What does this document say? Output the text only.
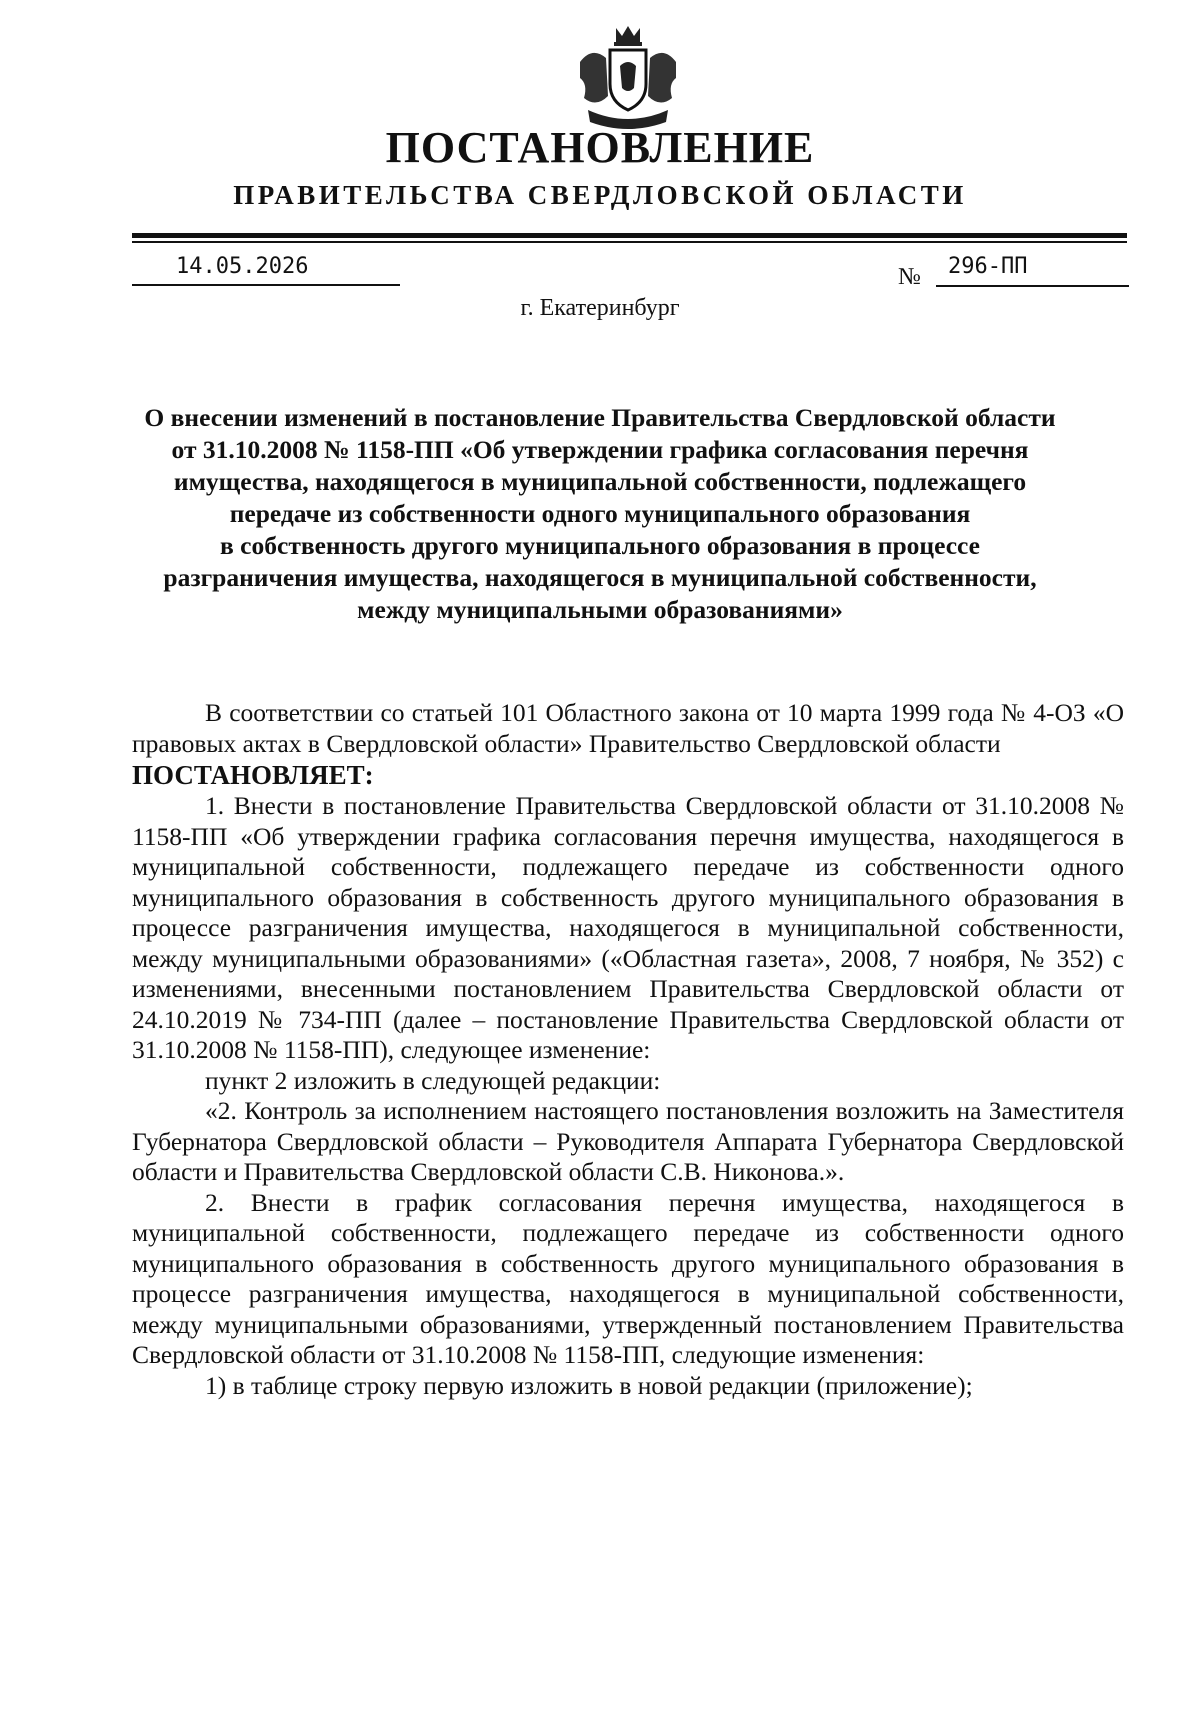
ПОСТАНОВЛЕНИЕ
ПРАВИТЕЛЬСТВА СВЕРДЛОВСКОЙ ОБЛАСТИ
14.05.2026	№ 296-ПП
г. Екатеринбург
О внесении изменений в постановление Правительства Свердловской области
от 31.10.2008 № 1158-ПП «Об утверждении графика согласования перечня
имущества, находящегося в муниципальной собственности, подлежащего
передаче из собственности одного муниципального образования
в собственность другого муниципального образования в процессе
разграничения имущества, находящегося в муниципальной собственности,
между муниципальными образованиями»

В соответствии со статьей 101 Областного закона от 10 марта 1999 года № 4-ОЗ «О правовых актах в Свердловской области» Правительство Свердловской области

ПОСТАНОВЛЯЕТ:

1. Внести в постановление Правительства Свердловской области от 31.10.2008 № 1158-ПП «Об утверждении графика согласования перечня имущества, находящегося в муниципальной собственности, подлежащего передаче из собственности одного муниципального образования в собственность другого муниципального образования в процессе разграничения имущества, находящегося в муниципальной собственности, между муниципальными образованиями» («Областная газета», 2008, 7 ноября, № 352) с изменениями, внесенными постановлением Правительства Свердловской области от 24.10.2019 № 734-ПП (далее – постановление Правительства Свердловской области от 31.10.2008 № 1158-ПП), следующее изменение:

пункт 2 изложить в следующей редакции:

«2. Контроль за исполнением настоящего постановления возложить на Заместителя Губернатора Свердловской области – Руководителя Аппарата Губернатора Свердловской области и Правительства Свердловской области С.В. Никонова.».

2. Внести в график согласования перечня имущества, находящегося в муниципальной собственности, подлежащего передаче из собственности одного муниципального образования в собственность другого муниципального образования в процессе разграничения имущества, находящегося в муниципальной собственности, между муниципальными образованиями, утвержденный постановлением Правительства Свердловской области от 31.10.2008 № 1158-ПП, следующие изменения:

1) в таблице строку первую изложить в новой редакции (приложение);
